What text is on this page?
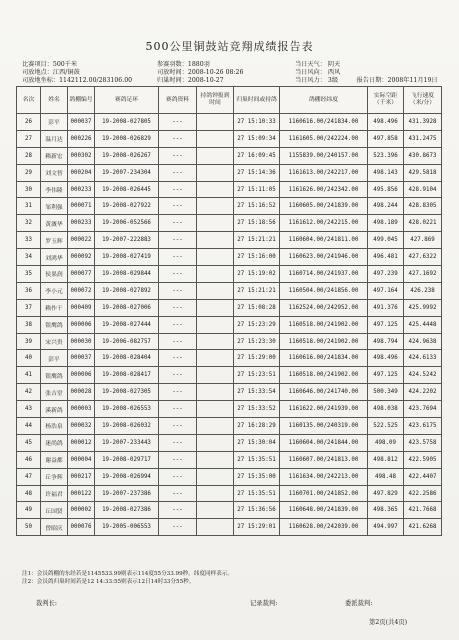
500公里铜鼓站竞翔成绩报告表
比赛项目：500千米
司放地点：江西/铜鼓
司放地坐标：1142112.00/283106.00
参赛羽数：1880羽
司放时间：2008-10-26 08:26
归巢时间：2008-10-27
当日天气： 阴天
当日风向： 西风
当日风力： 3级　　　报告日期：2008年11月19日
名次	姓名	鸽棚编号	赛鸽足环	赛鸽资料	持鸽钟报到时间	归巢时间或持鸽	鸽棚经纬度	实际空距（千米）	飞行速度（米/分）
26	彭平	000037	19-2008-027805	---		27 15:10:33	1160616.00/241834.00	498.496	431.3928
27	温月达	000226	19-2008-026829	---		27 15:09:34	1161605.00/242224.00	497.858	431.2475
28	赖新宏	000302	19-2008-026267	---		27 16:09:45	1155839.00/240157.00	523.396	430.8673
29	刘文智	000204	19-2007-234304	---		27 15:14:36	1161613.00/242217.00	498.143	429.5818
30	李伟隆	000233	19-2008-026445	---		27 15:11:05	1161626.00/242342.00	495.856	428.9104
31	邹利强	000071	19-2008-027922	---		27 15:16:52	1160605.00/241839.00	498.244	428.8305
32	黄溉华	000233	19-2006-052566	---		27 15:18:56	1161612.00/242215.00	498.189	428.0221
33	罗玉辉	000022	19-2007-222883	---		27 15:21:21	1160604.00/241811.00	499.045	427.869
34	刘鸿华	000092	19-2008-027419	---		27 15:16:00	1160623.00/241946.00	496.481	427.6322
35	侯果润	000077	19-2008-029844	---		27 15:19:02	1160714.00/241937.00	497.239	427.1692
36	李小元	000072	19-2008-027892	---		27 15:21:21	1160504.00/241856.00	497.164	426.238
37	赖作干	000409	19-2008-027006	---		27 15:08:28	1162524.00/242952.00	491.376	425.9992
38	银鹰鸽	000006	19-2008-027444	---		27 15:23:29	1160518.00/241902.00	497.125	425.4448
39	宋兴贵	000030	19-2006-082757	---		27 15:23:30	1160518.00/241902.00	498.794	424.9638
40	彭平	000037	19-2008-028404	---		27 15:29:00	1160616.00/241834.00	498.496	424.6133
41	银鹰鸽	000006	19-2008-028417	---		27 15:23:51	1160518.00/241902.00	497.125	424.5242
42	张吉堂	000028	19-2008-027305	---		27 15:33:54	1160646.00/241740.00	500.349	424.2202
43	溪新鸽	000003	19-2008-026553	---		27 15:33:52	1161622.00/241939.00	498.038	423.7694
44	杨浩泉	000032	19-2008-026032	---		27 16:28:29	1160135.00/240319.00	522.525	423.6175
45	迷尚鸽	000012	19-2007-233443	---		27 15:30:04	1160604.00/241844.00	498.09	423.5758
46	谢益都	000004	19-2008-029717	---		27 15:35:51	1160607.00/241813.00	498.812	422.5905
47	丘争辉	000217	19-2008-026994	---		27 15:35:00	1161634.00/242213.00	498.48	422.4407
48	许福君	000122	19-2007-237386	---		27 15:35:51	1160701.00/241852.00	497.829	422.2586
49	丘国贤	000002	19-2008-027386	---		27 15:36:56	1160648.00/241839.00	498.365	421.7668
50	曾昭庆	000076	19-2005-006553	---		27 15:29:01	1160628.00/242039.00	494.997	421.6268
注1：会员鸽棚的东经若是1145533.99则表示114度55分33.99秒。纬度同样表示。
注2：会员鸽归巢时间若是12 14:33:55则表示12日14时33分55秒。
裁判长:	记录裁判:	委派裁判:
第2页(共4页)
